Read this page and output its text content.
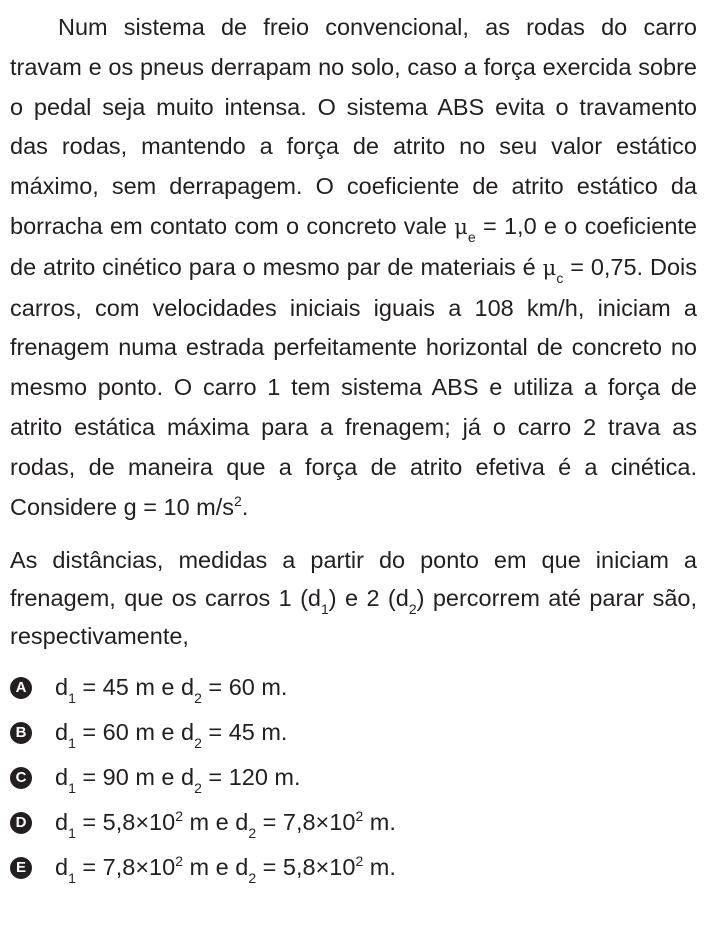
Num sistema de freio convencional, as rodas do carro travam e os pneus derrapam no solo, caso a força exercida sobre o pedal seja muito intensa. O sistema ABS evita o travamento das rodas, mantendo a força de atrito no seu valor estático máximo, sem derrapagem. O coeficiente de atrito estático da borracha em contato com o concreto vale $\mu_e = 1,0$ e o coeficiente de atrito cinético para o mesmo par de materiais é $\mu_c = 0,75$. Dois carros, com velocidades iniciais iguais a 108 km/h, iniciam a frenagem numa estrada perfeitamente horizontal de concreto no mesmo ponto. O carro 1 tem sistema ABS e utiliza a força de atrito estática máxima para a frenagem; já o carro 2 trava as rodas, de maneira que a força de atrito efetiva é a cinética. Considere g = 10 $m/s^2$.

As distâncias, medidas a partir do ponto em que iniciam a frenagem, que os carros 1 $(d_1)$ e 2 $(d_2)$ percorrem até parar são, respectivamente,

A $d_1 = 45$ m e $d_2 = 60$ m.
B $d_1 = 60$ m e $d_2 = 45$ m.
C $d_1 = 90$ m e $d_2 = 120$ m.
D $d_1 = 5,8\times 10^2$ m e $d_2 = 7,8\times 10^2$ m.
E $d_1 = 7,8\times 10^2$ m e $d_2 = 5,8\times 10^2$ m.
